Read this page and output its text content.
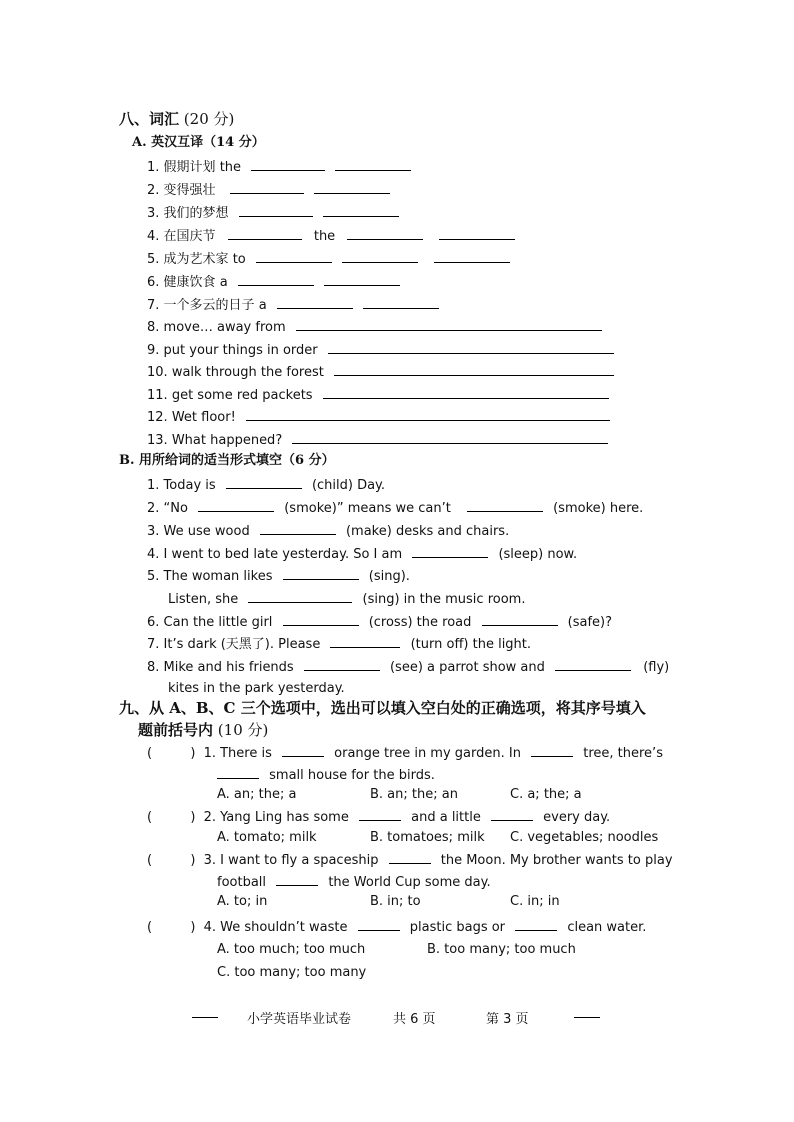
八、词汇 (20 分)
A. 英汉互译（14 分）
1. 假期计划 the
2. 变得强壮
3. 我们的梦想
4. 在国庆节	the
5. 成为艺术家 to
6. 健康饮食 a
7. 一个多云的日子 a
8. move… away from
9. put your things in order
10. walk through the forest
11. get some red packets
12. Wet floor!
13. What happened?
B. 用所给词的适当形式填空（6 分）
1. Today is	(child) Day.
2. “No	(smoke)” means we can’t	(smoke) here.
3. We use wood	(make) desks and chairs.
4. I went to bed late yesterday. So I am	(sleep) now.
5. The woman likes	(sing).
Listen, she	(sing) in the music room.
6. Can the little girl	(cross) the road	(safe)?
7. It’s dark (天黑了). Please	(turn off) the light.
8. Mike and his friends	(see) a parrot show and	(fly)
kites in the park yesterday.
九、从 A、B、C 三个选项中，选出可以填入空白处的正确选项，将其序号填入
题前括号内 (10 分)
(	) 1. There is	orange tree in my garden. In	tree, there’s
small house for the birds.
A. an; the; a	B. an; the; an	C. a; the; a
(	) 2. Yang Ling has some	and a little	every day.
A. tomato; milk	B. tomatoes; milk C. vegetables; noodles
(	) 3. I want to fly a spaceship	the Moon. My brother wants to play
football	the World Cup some day.
A. to; in	B. in; to	C. in; in
(	) 4. We shouldn’t waste	plastic bags or	clean water.
A. too much; too much	B. too many; too much
C. too many; too many
小学英语毕业试卷	共 6 页	第 3 页
